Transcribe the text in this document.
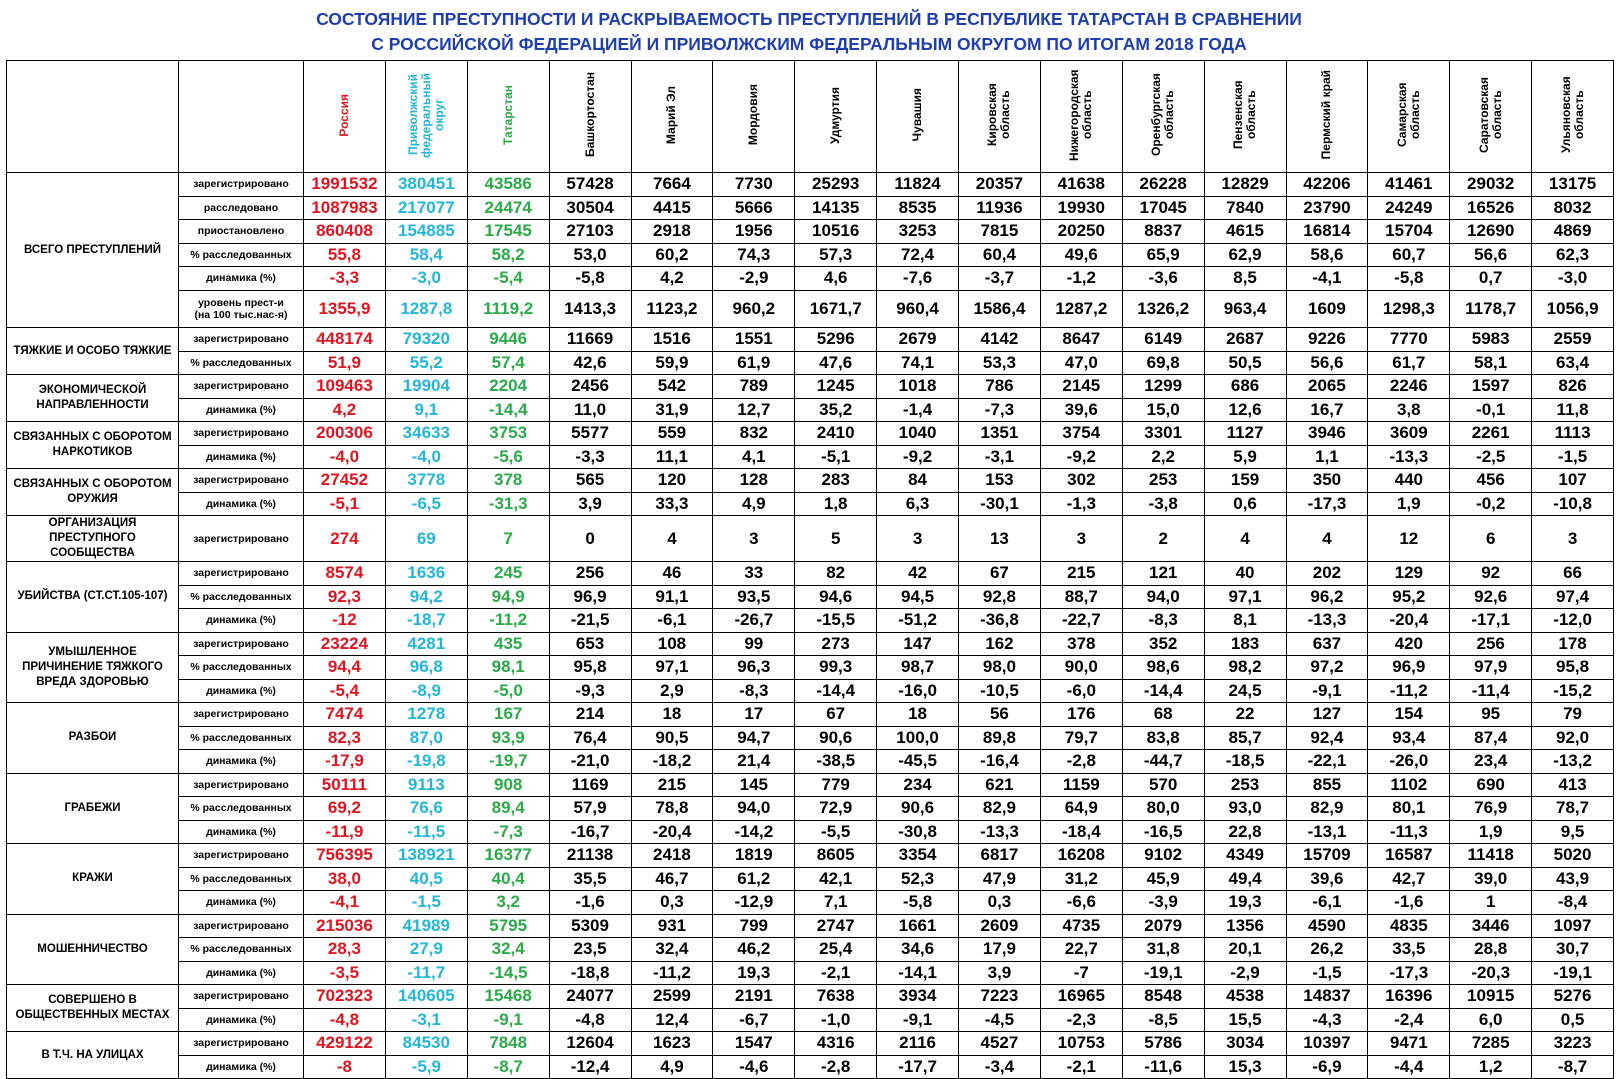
СОСТОЯНИЕ ПРЕСТУПНОСТИ И РАСКРЫВАЕМОСТЬ ПРЕСТУПЛЕНИЙ В РЕСПУБЛИКЕ ТАТАРСТАН В СРАВНЕНИИ
С РОССИЙСКОЙ ФЕДЕРАЦИЕЙ И ПРИВОЛЖСКИМ ФЕДЕРАЛЬНЫМ ОКРУГОМ ПО ИТОГАМ 2018 ГОДА
		Россия	Приволжский федеральный округ	Татарстан	Башкортостан	Марий Эл	Мордовия	Удмуртия	Чувашия	Кировская область	Нижегородская область	Оренбургская область	Пензенская область	Пермский край	Самарская область	Саратовская область	Ульяновская область
ВСЕГО ПРЕСТУПЛЕНИЙ	зарегистрировано	1991532	380451	43586	57428	7664	7730	25293	11824	20357	41638	26228	12829	42206	41461	29032	13175

	расследовано	1087983	217077	24474	30504	4415	5666	14135	8535	11936	19930	17045	7840	23790	24249	16526	8032

	приостановлено	860408	154885	17545	27103	2918	1956	10516	3253	7815	20250	8837	4615	16814	15704	12690	4869

	% расследованных	55,8	58,4	58,2	53,0	60,2	74,3	57,3	72,4	60,4	49,6	65,9	62,9	58,6	60,7	56,6	62,3

	динамика (%)	-3,3	-3,0	-5,4	-5,8	4,2	-2,9	4,6	-7,6	-3,7	-1,2	-3,6	8,5	-4,1	-5,8	0,7	-3,0

	уровень прест-и
(на 100 тыс.нас-я)	1355,9	1287,8	1119,2	1413,3	1123,2	960,2	1671,7	960,4	1586,4	1287,2	1326,2	963,4	1609	1298,3	1178,7	1056,9
ТЯЖКИЕ И ОСОБО ТЯЖКИЕ	зарегистрировано	448174	79320	9446	11669	1516	1551	5296	2679	4142	8647	6149	2687	9226	7770	5983	2559

	% расследованных	51,9	55,2	57,4	42,6	59,9	61,9	47,6	74,1	53,3	47,0	69,8	50,5	56,6	61,7	58,1	63,4
ЭКОНОМИЧЕСКОЙ НАПРАВЛЕННОСТИ	зарегистрировано	109463	19904	2204	2456	542	789	1245	1018	786	2145	1299	686	2065	2246	1597	826

	динамика (%)	4,2	9,1	-14,4	11,0	31,9	12,7	35,2	-1,4	-7,3	39,6	15,0	12,6	16,7	3,8	-0,1	11,8
СВЯЗАННЫХ С ОБОРОТОМ НАРКОТИКОВ	зарегистрировано	200306	34633	3753	5577	559	832	2410	1040	1351	3754	3301	1127	3946	3609	2261	1113

	динамика (%)	-4,0	-4,0	-5,6	-3,3	11,1	4,1	-5,1	-9,2	-3,1	-9,2	2,2	5,9	1,1	-13,3	-2,5	-1,5
СВЯЗАННЫХ С ОБОРОТОМ ОРУЖИЯ	зарегистрировано	27452	3778	378	565	120	128	283	84	153	302	253	159	350	440	456	107

	динамика (%)	-5,1	-6,5	-31,3	3,9	33,3	4,9	1,8	6,3	-30,1	-1,3	-3,8	0,6	-17,3	1,9	-0,2	-10,8
ОРГАНИЗАЦИЯ ПРЕСТУПНОГО СООБЩЕСТВА	зарегистрировано	274	69	7	0	4	3	5	3	13	3	2	4	4	12	6	3
УБИЙСТВА (СТ.СТ.105-107)	зарегистрировано	8574	1636	245	256	46	33	82	42	67	215	121	40	202	129	92	66

	% расследованных	92,3	94,2	94,9	96,9	91,1	93,5	94,6	94,5	92,8	88,7	94,0	97,1	96,2	95,2	92,6	97,4

	динамика (%)	-12	-18,7	-11,2	-21,5	-6,1	-26,7	-15,5	-51,2	-36,8	-22,7	-8,3	8,1	-13,3	-20,4	-17,1	-12,0
УМЫШЛЕННОЕ ПРИЧИНЕНИЕ ТЯЖКОГО ВРЕДА ЗДОРОВЬЮ	зарегистрировано	23224	4281	435	653	108	99	273	147	162	378	352	183	637	420	256	178

	% расследованных	94,4	96,8	98,1	95,8	97,1	96,3	99,3	98,7	98,0	90,0	98,6	98,2	97,2	96,9	97,9	95,8

	динамика (%)	-5,4	-8,9	-5,0	-9,3	2,9	-8,3	-14,4	-16,0	-10,5	-6,0	-14,4	24,5	-9,1	-11,2	-11,4	-15,2
РАЗБОИ	зарегистрировано	7474	1278	167	214	18	17	67	18	56	176	68	22	127	154	95	79

	% расследованных	82,3	87,0	93,9	76,4	90,5	94,7	90,6	100,0	89,8	79,7	83,8	85,7	92,4	93,4	87,4	92,0

	динамика (%)	-17,9	-19,8	-19,7	-21,0	-18,2	21,4	-38,5	-45,5	-16,4	-2,8	-44,7	-18,5	-22,1	-26,0	23,4	-13,2
ГРАБЕЖИ	зарегистрировано	50111	9113	908	1169	215	145	779	234	621	1159	570	253	855	1102	690	413

	% расследованных	69,2	76,6	89,4	57,9	78,8	94,0	72,9	90,6	82,9	64,9	80,0	93,0	82,9	80,1	76,9	78,7

	динамика (%)	-11,9	-11,5	-7,3	-16,7	-20,4	-14,2	-5,5	-30,8	-13,3	-18,4	-16,5	22,8	-13,1	-11,3	1,9	9,5
КРАЖИ	зарегистрировано	756395	138921	16377	21138	2418	1819	8605	3354	6817	16208	9102	4349	15709	16587	11418	5020

	% расследованных	38,0	40,5	40,4	35,5	46,7	61,2	42,1	52,3	47,9	31,2	45,9	49,4	39,6	42,7	39,0	43,9

	динамика (%)	-4,1	-1,5	3,2	-1,6	0,3	-12,9	7,1	-5,8	0,3	-6,6	-3,9	19,3	-6,1	-1,6	1	-8,4
МОШЕННИЧЕСТВО	зарегистрировано	215036	41989	5795	5309	931	799	2747	1661	2609	4735	2079	1356	4590	4835	3446	1097

	% расследованных	28,3	27,9	32,4	23,5	32,4	46,2	25,4	34,6	17,9	22,7	31,8	20,1	26,2	33,5	28,8	30,7

	динамика (%)	-3,5	-11,7	-14,5	-18,8	-11,2	19,3	-2,1	-14,1	3,9	-7	-19,1	-2,9	-1,5	-17,3	-20,3	-19,1
СОВЕРШЕНО В ОБЩЕСТВЕННЫХ МЕСТАХ	зарегистрировано	702323	140605	15468	24077	2599	2191	7638	3934	7223	16965	8548	4538	14837	16396	10915	5276

	динамика (%)	-4,8	-3,1	-9,1	-4,8	12,4	-6,7	-1,0	-9,1	-4,5	-2,3	-8,5	15,5	-4,3	-2,4	6,0	0,5
В Т.Ч. НА УЛИЦАХ	зарегистрировано	429122	84530	7848	12604	1623	1547	4316	2116	4527	10753	5786	3034	10397	9471	7285	3223

	динамика (%)	-8	-5,9	-8,7	-12,4	4,9	-4,6	-2,8	-17,7	-3,4	-2,1	-11,6	15,3	-6,9	-4,4	1,2	-8,7
